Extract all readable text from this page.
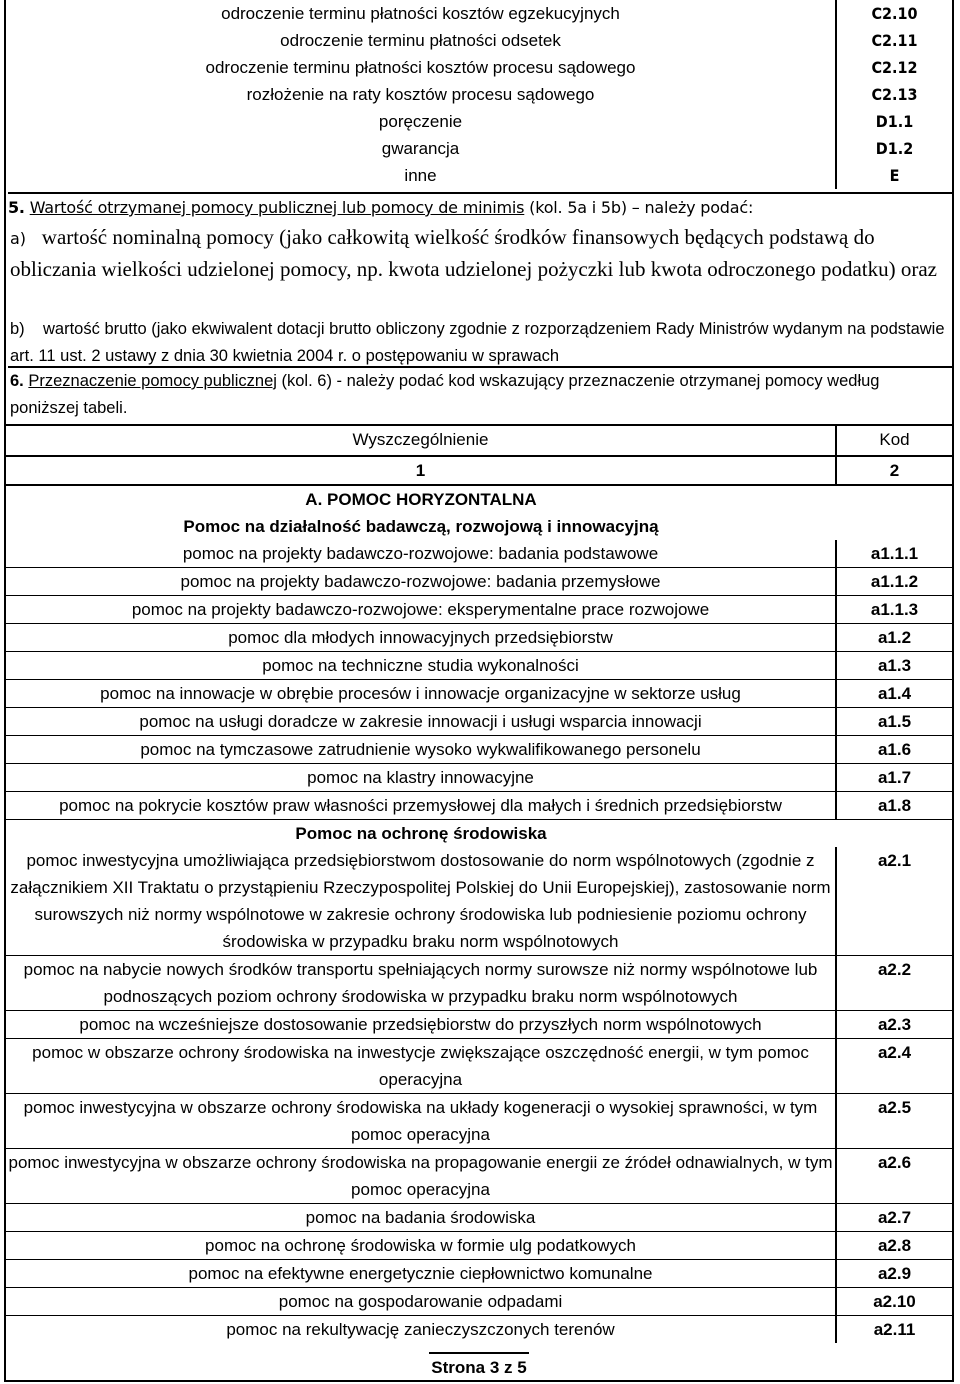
odroczenie terminu płatności kosztów egzekucyjnych	C2.10
odroczenie terminu płatności odsetek	C2.11
odroczenie terminu płatności kosztów procesu sądowego	C2.12
rozłożenie na raty kosztów procesu sądowego	C2.13
poręczenie	D1.1
gwarancja	D1.2
inne	E
5. Wartość otrzymanej pomocy publicznej lub pomocy de minimis (kol. 5a i 5b) – należy podać:
a) wartość nominalną pomocy (jako całkowitą wielkość środków finansowych będących podstawą do obliczania wielkości udzielonej pomocy, np. kwota udzielonej pożyczki lub kwota odroczonego podatku) oraz
b) wartość brutto (jako ekwiwalent dotacji brutto obliczony zgodnie z rozporządzeniem Rady Ministrów wydanym na podstawie art. 11 ust. 2 ustawy z dnia 30 kwietnia 2004 r. o postępowaniu w sprawach
6. Przeznaczenie pomocy publicznej (kol. 6) - należy podać kod wskazujący przeznaczenie otrzymanej pomocy według poniższej tabeli.
Wyszczególnienie	Kod
1	2
A. POMOC HORYZONTALNA	
Pomoc na działalność badawczą, rozwojową i innowacyjną	
pomoc na projekty badawczo-rozwojowe: badania podstawowe	a1.1.1
pomoc na projekty badawczo-rozwojowe: badania przemysłowe	a1.1.2
pomoc na projekty badawczo-rozwojowe: eksperymentalne prace rozwojowe	a1.1.3
pomoc dla młodych innowacyjnych przedsiębiorstw	a1.2
pomoc na techniczne studia wykonalności	a1.3
pomoc na innowacje w obrębie procesów i innowacje organizacyjne w sektorze usług	a1.4
pomoc na usługi doradcze w zakresie innowacji i usługi wsparcia innowacji	a1.5
pomoc na tymczasowe zatrudnienie wysoko wykwalifikowanego personelu	a1.6
pomoc na klastry innowacyjne	a1.7
pomoc na pokrycie kosztów praw własności przemysłowej dla małych i średnich przedsiębiorstw	a1.8
Pomoc na ochronę środowiska	
pomoc inwestycyjna umożliwiająca przedsiębiorstwom dostosowanie do norm wspólnotowych (zgodnie z załącznikiem XII Traktatu o przystąpieniu Rzeczypospolitej Polskiej do Unii Europejskiej), zastosowanie norm surowszych niż normy wspólnotowe w zakresie ochrony środowiska lub podniesienie poziomu ochrony środowiska w przypadku braku norm wspólnotowych	a2.1
pomoc na nabycie nowych środków transportu spełniających normy surowsze niż normy wspólnotowe lub podnoszących poziom ochrony środowiska w przypadku braku norm wspólnotowych	a2.2
pomoc na wcześniejsze dostosowanie przedsiębiorstw do przyszłych norm wspólnotowych	a2.3
pomoc w obszarze ochrony środowiska na inwestycje zwiększające oszczędność energii, w tym pomoc operacyjna	a2.4
pomoc inwestycyjna w obszarze ochrony środowiska na układy kogeneracji o wysokiej sprawności, w tym pomoc operacyjna	a2.5
pomoc inwestycyjna w obszarze ochrony środowiska na propagowanie energii ze źródeł odnawialnych, w tym pomoc operacyjna	a2.6
pomoc na badania środowiska	a2.7
pomoc na ochronę środowiska w formie ulg podatkowych	a2.8
pomoc na efektywne energetycznie ciepłownictwo komunalne	a2.9
pomoc na gospodarowanie odpadami	a2.10
pomoc na rekultywację zanieczyszczonych terenów	a2.11
Strona 3 z 5
